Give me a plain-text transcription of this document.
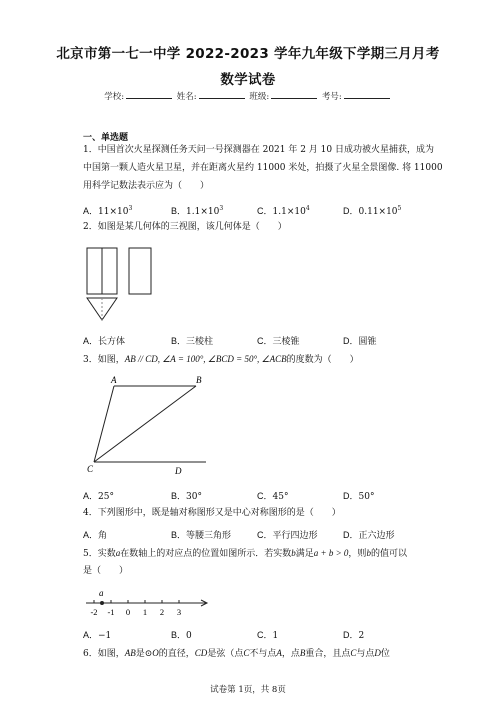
北京市第一七一中学 2022-2023 学年九年级下学期三月月考
数学试卷
学校:	姓名:	班级:	考号:
一、单选题
1．中国首次火星探测任务天问一号探测器在 2021 年 2 月 10 日成功被火星捕获，成为
中国第一颗人造火星卫星，并在距离火星约 11000 米处，拍摄了火星全景图像. 将 11000
用科学记数法表示应为（　　）
A．$11\times 10^3$	B．$1.1\times 10^3$	C．$1.1\times 10^4$	D．$0.11\times 10^5$
2．如图是某几何体的三视图，该几何体是（　　）
A．长方体	B．三棱柱	C．三棱锥	D．圆锥
3．如图，AB // CD, ∠A = 100°, ∠BCD = 50°, ∠ACB的度数为（　　）
A	B
C	D
A．25°	B．30°	C．45°	D．50°
4．下列图形中，既是轴对称图形又是中心对称图形的是（　　）
A．角	B．等腰三角形	C．平行四边形	D．正六边形
5．实数a在数轴上的对应点的位置如图所示．若实数b满足a + b > 0，则b的值可以
是（　　）
a
-2 -1 0 1 2 3
A．−1	B．0	C．1	D．2
6．如图，AB是⊙O的直径，CD是弦（点C不与点A，点B重合，且点C与点D位
试卷第 1页，共 8页
